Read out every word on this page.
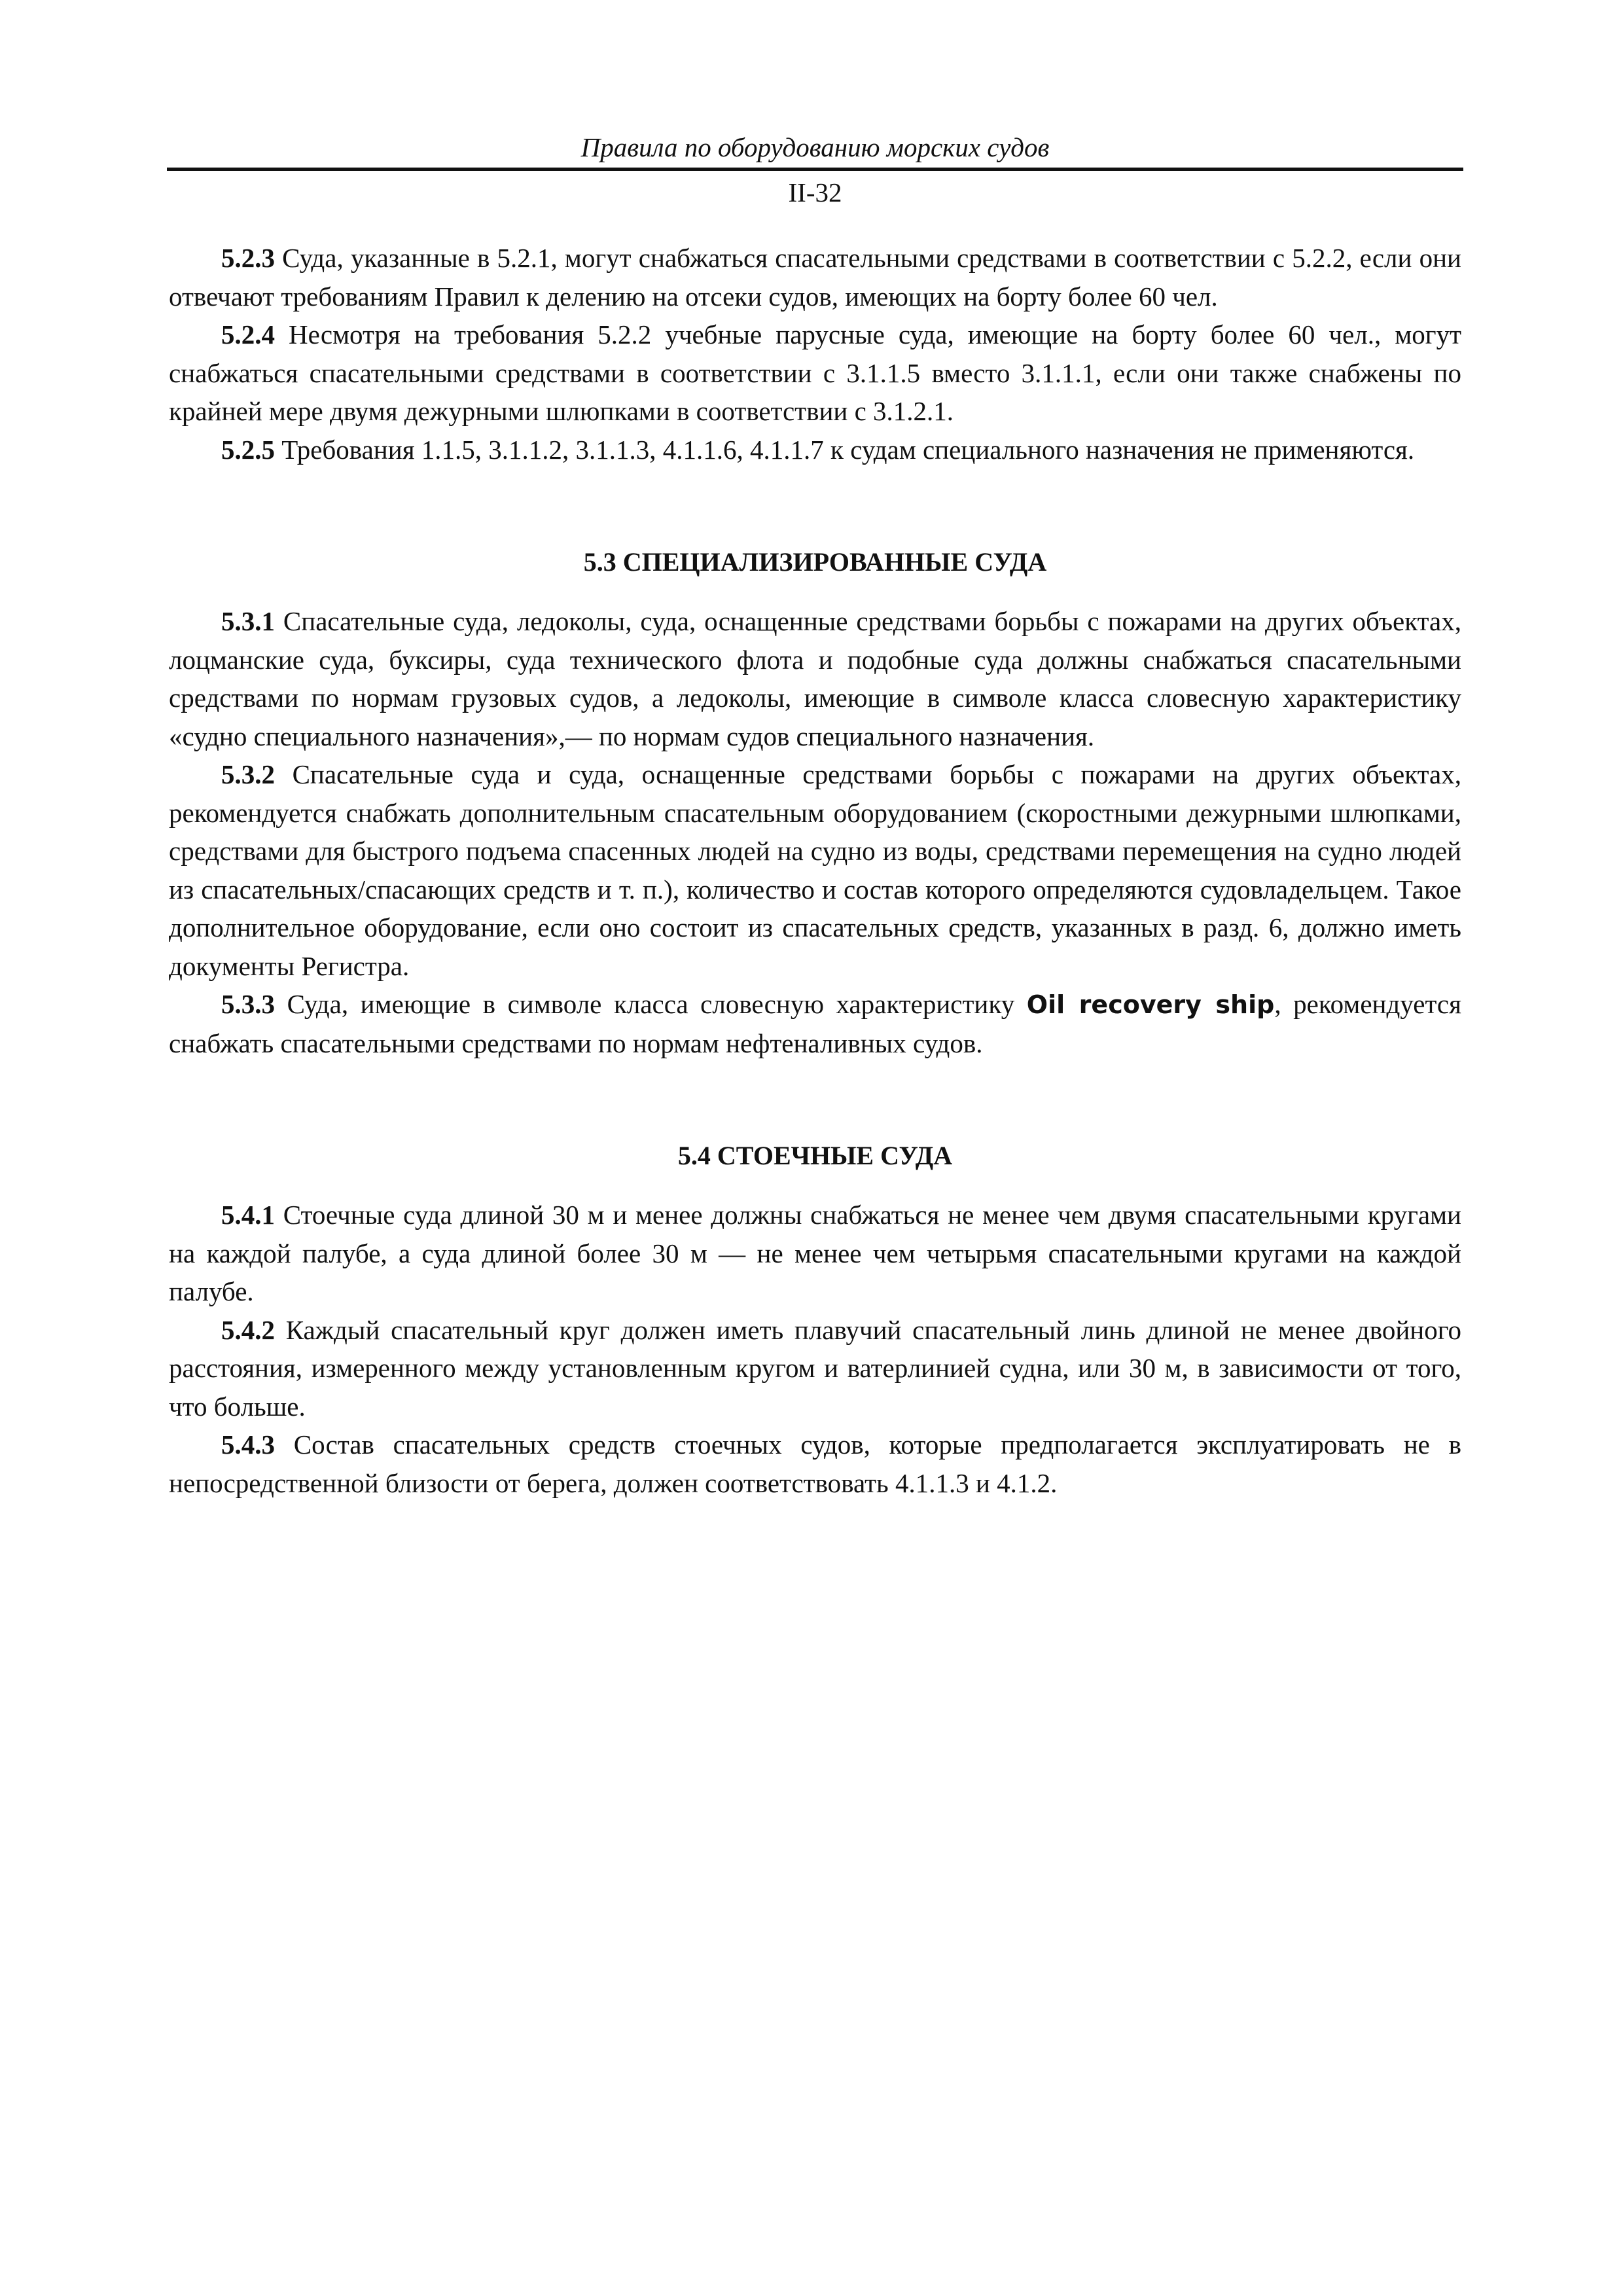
Правила по оборудованию морских судов
II-32

5.2.3 Суда, указанные в 5.2.1, могут снабжаться спасательными средствами в соответствии с 5.2.2, если они отвечают требованиям Правил к делению на отсеки судов, имеющих на борту более 60 чел.

5.2.4 Несмотря на требования 5.2.2 учебные парусные суда, имеющие на борту более 60 чел., могут снабжаться спасательными средствами в соответствии с 3.1.1.5 вместо 3.1.1.1, если они также снабжены по крайней мере двумя дежурными шлюпками в соответствии с 3.1.2.1.

5.2.5 Требования 1.1.5, 3.1.1.2, 3.1.1.3, 4.1.1.6, 4.1.1.7 к судам специального назначения не применяются.

5.3 СПЕЦИАЛИЗИРОВАННЫЕ СУДА

5.3.1 Спасательные суда, ледоколы, суда, оснащенные средствами борьбы с пожарами на других объектах, лоцманские суда, буксиры, суда технического флота и подобные суда должны снабжаться спасательными средствами по нормам грузовых судов, а ледоколы, имеющие в символе класса словесную характеристику «судно специального назначения»,— по нормам судов специального назначения.

5.3.2 Спасательные суда и суда, оснащенные средствами борьбы с пожарами на других объектах, рекомендуется снабжать дополнительным спасательным оборудованием (скоростными дежурными шлюпками, средствами для быстрого подъема спасенных людей на судно из воды, средствами перемещения на судно людей из спасательных/спасающих средств и т. п.), количество и состав которого определяются судовладельцем. Такое дополнительное оборудование, если оно состоит из спасательных средств, указанных в разд. 6, должно иметь документы Регистра.

5.3.3 Суда, имеющие в символе класса словесную характеристику Oil recovery ship, рекомендуется снабжать спасательными средствами по нормам нефтеналивных судов.

5.4 СТОЕЧНЫЕ СУДА

5.4.1 Стоечные суда длиной 30 м и менее должны снабжаться не менее чем двумя спасательными кругами на каждой палубе, а суда длиной более 30 м — не менее чем четырьмя спасательными кругами на каждой палубе.

5.4.2 Каждый спасательный круг должен иметь плавучий спасательный линь длиной не менее двойного расстояния, измеренного между установленным кругом и ватерлинией судна, или 30 м, в зависимости от того, что больше.

5.4.3 Состав спасательных средств стоечных судов, которые предполагается эксплуатировать не в непосредственной близости от берега, должен соответствовать 4.1.1.3 и 4.1.2.
